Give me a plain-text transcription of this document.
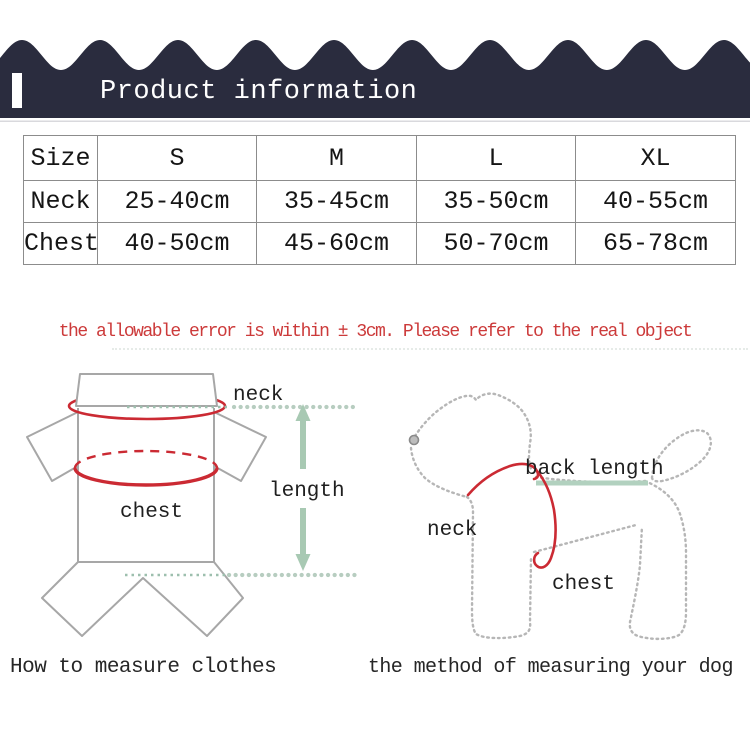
Product information
Size	S	M	L	XL
Neck	25-40cm	35-45cm	35-50cm	40-55cm
Chest	40-50cm	45-60cm	50-70cm	65-78cm
the allowable error is within ± 3cm. Please refer to the real object
neck
length
chest
back length
neck
chest
How to measure clothes	the method of measuring your dog
